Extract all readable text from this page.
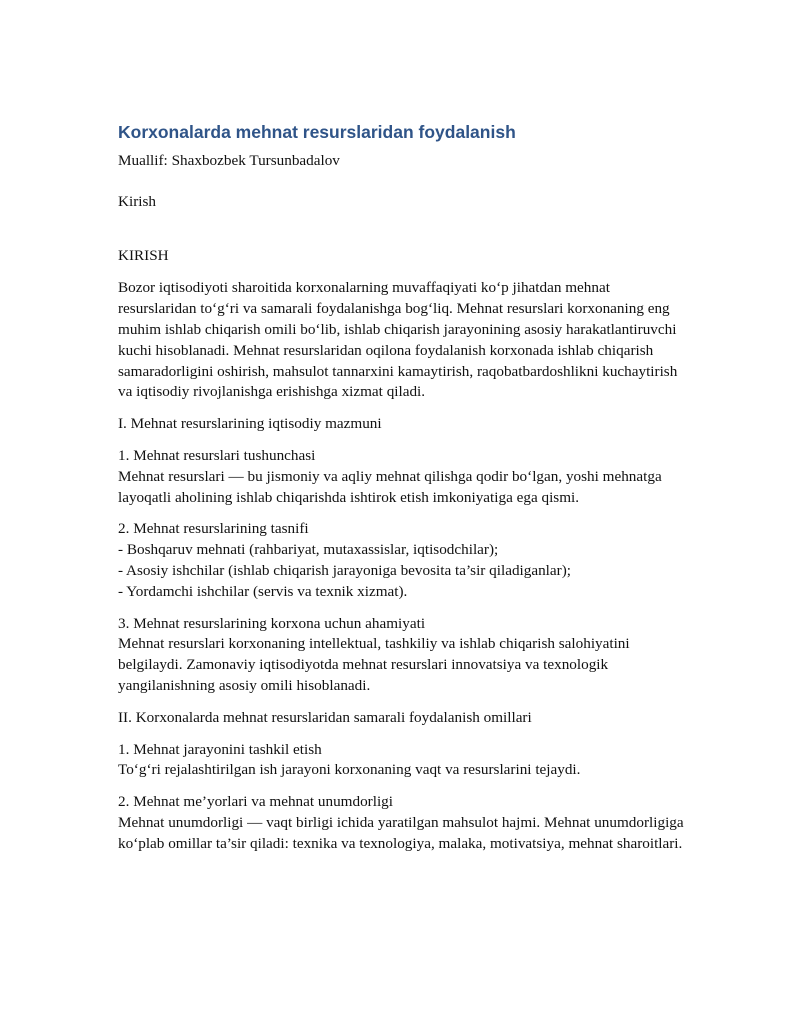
Korxonalarda mehnat resurslaridan foydalanish

Muallif: Shaxbozbek Tursunbadalov

Kirish

KIRISH

Bozor iqtisodiyoti sharoitida korxonalarning muvaffaqiyati ko‘p jihatdan mehnat resurslaridan to‘g‘ri va samarali foydalanishga bog‘liq. Mehnat resurslari korxonaning eng muhim ishlab chiqarish omili bo‘lib, ishlab chiqarish jarayonining asosiy harakatlantiruvchi kuchi hisoblanadi. Mehnat resurslaridan oqilona foydalanish korxonada ishlab chiqarish samaradorligini oshirish, mahsulot tannarxini kamaytirish, raqobatbardoshlikni kuchaytirish va iqtisodiy rivojlanishga erishishga xizmat qiladi.

I. Mehnat resurslarining iqtisodiy mazmuni

1. Mehnat resurslari tushunchasi

Mehnat resurslari — bu jismoniy va aqliy mehnat qilishga qodir bo‘lgan, yoshi mehnatga layoqatli aholining ishlab chiqarishda ishtirok etish imkoniyatiga ega qismi.

2. Mehnat resurslarining tasnifi

- Boshqaruv mehnati (rahbariyat, mutaxassislar, iqtisodchilar);

- Asosiy ishchilar (ishlab chiqarish jarayoniga bevosita ta’sir qiladiganlar);

- Yordamchi ishchilar (servis va texnik xizmat).

3. Mehnat resurslarining korxona uchun ahamiyati

Mehnat resurslari korxonaning intellektual, tashkiliy va ishlab chiqarish salohiyatini belgilaydi. Zamonaviy iqtisodiyotda mehnat resurslari innovatsiya va texnologik yangilanishning asosiy omili hisoblanadi.

II. Korxonalarda mehnat resurslaridan samarali foydalanish omillari

1. Mehnat jarayonini tashkil etish

To‘g‘ri rejalashtirilgan ish jarayoni korxonaning vaqt va resurslarini tejaydi.

2. Mehnat me’yorlari va mehnat unumdorligi

Mehnat unumdorligi — vaqt birligi ichida yaratilgan mahsulot hajmi. Mehnat unumdorligiga ko‘plab omillar ta’sir qiladi: texnika va texnologiya, malaka, motivatsiya, mehnat sharoitlari.
